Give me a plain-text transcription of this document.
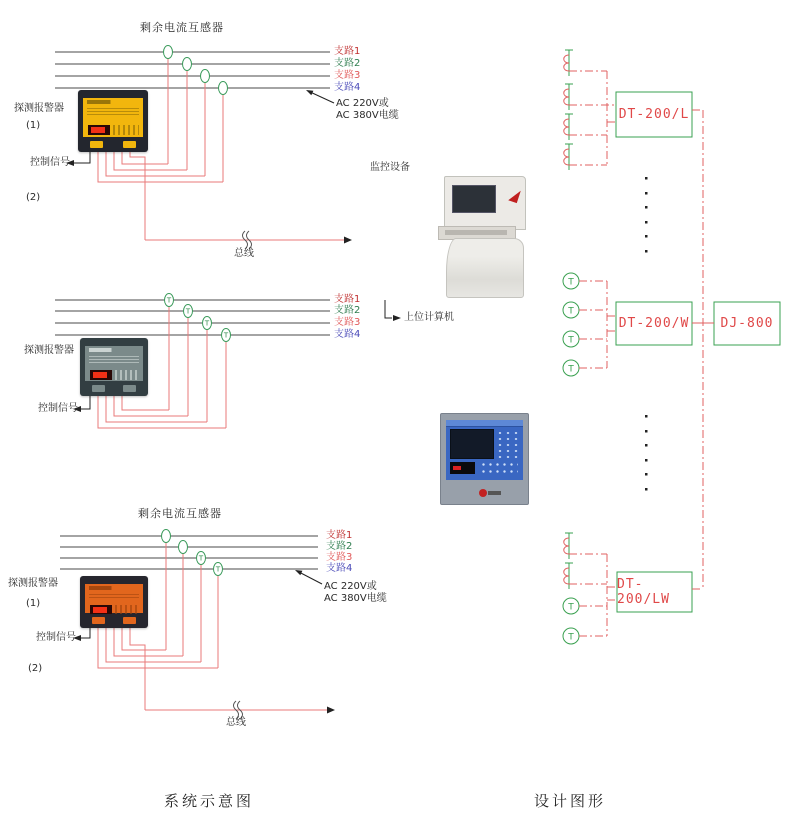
T
T
T
T
T
T
T
T
T
T
T
T
剩余电流互感器
支路1
支路2
支路3
支路4
AC 220V或
AC 380V电缆
探测报警器
(1)
控制信号
(2)
总线
支路1
支路2
支路3
支路4
探测报警器
控制信号
剩余电流互感器
支路1
支路2
支路3
支路4
AC 220V或
AC 380V电缆
探测报警器
(1)
控制信号
(2)
总线
监控设备
上位计算机
DT-200/L
DT-200/W	DJ-800
DT-200/LW
系统示意图	设计图形
